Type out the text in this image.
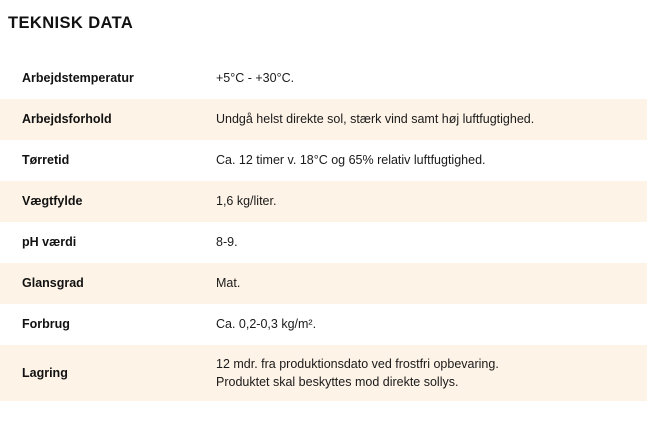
TEKNISK DATA
Arbejdstemperatur	+5°C - +30°C.

Arbejdsforhold	Undgå helst direkte sol, stærk vind samt høj luftfugtighed.

Tørretid	Ca. 12 timer v. 18°C og 65% relativ luftfugtighed.

Vægtfylde	1,6 kg/liter.

pH værdi	8-9.

Glansgrad	Mat.

Forbrug	Ca. 0,2-0,3 kg/m².

Lagring	12 mdr. fra produktionsdato ved frostfri opbevaring.
Produktet skal beskyttes mod direkte sollys.
